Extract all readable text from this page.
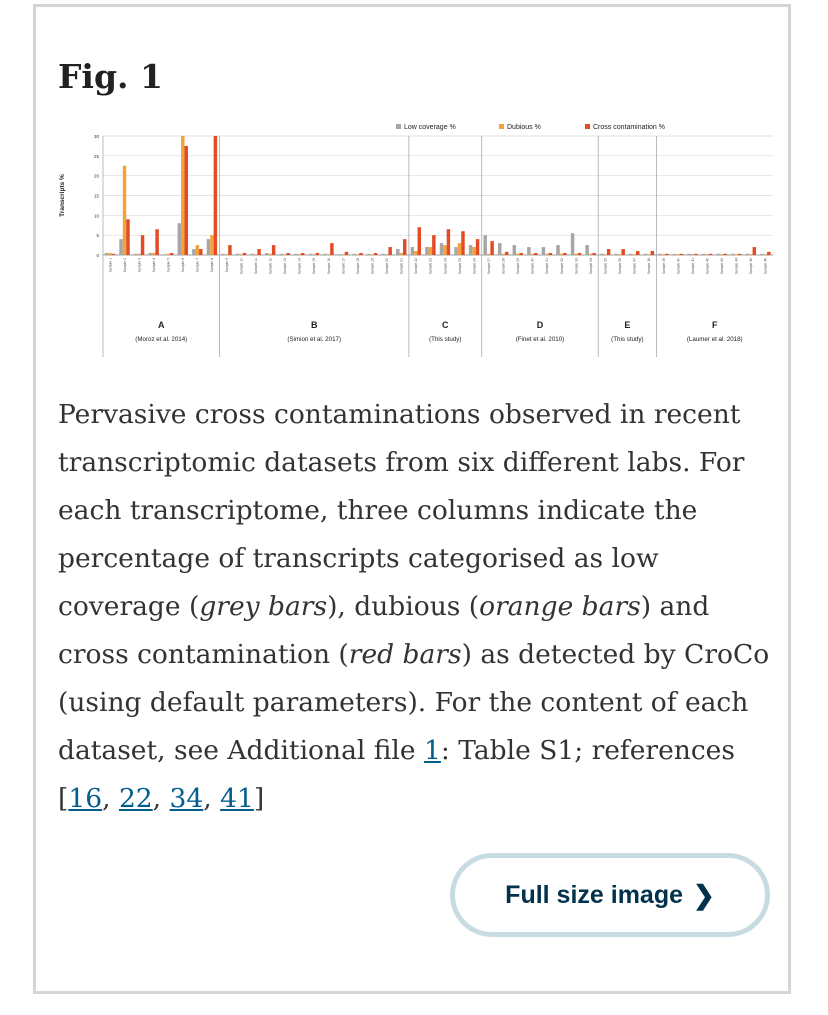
Fig. 1
30
25
20
15
10
5
0
Transcripts %
Low coverage %	Dubious %	Cross contamination %
A
(Moroz et al. 2014)
B
(Simion et al. 2017)
C
(This study)
D
(Finet et al. 2010)
E
(This study)
F
(Laumer et al. 2018)
Sample 1	Sample 2	Sample 3	Sample 4	Sample 5	Sample 6	Sample 7	Sample 8	Sample 9	Sample 10	Sample 11	Sample 12	Sample 13	Sample 14	Sample 15	Sample 16	Sample 17	Sample 18	Sample 19	Sample 20	Sample 21	Sample 22	Sample 23	Sample 24	Sample 25	Sample 26	Sample 27	Sample 28	Sample 29	Sample 30	Sample 31	Sample 32	Sample 33	Sample 34	Sample 35	Sample 36	Sample 37	Sample 38	Sample 39	Sample 40	Sample 41	Sample 42	Sample 43	Sample 44	Sample 45	Sample 46

Pervasive cross contaminations observed in recent transcriptomic datasets from six different labs. For each transcriptome, three columns indicate the percentage of transcripts categorised as low coverage (grey bars), dubious (orange bars) and cross contamination (red bars) as detected by CroCo (using default parameters). For the content of each dataset, see Additional file 1: Table S1; references [16, 22, 34, 41]

Full size image ❯
